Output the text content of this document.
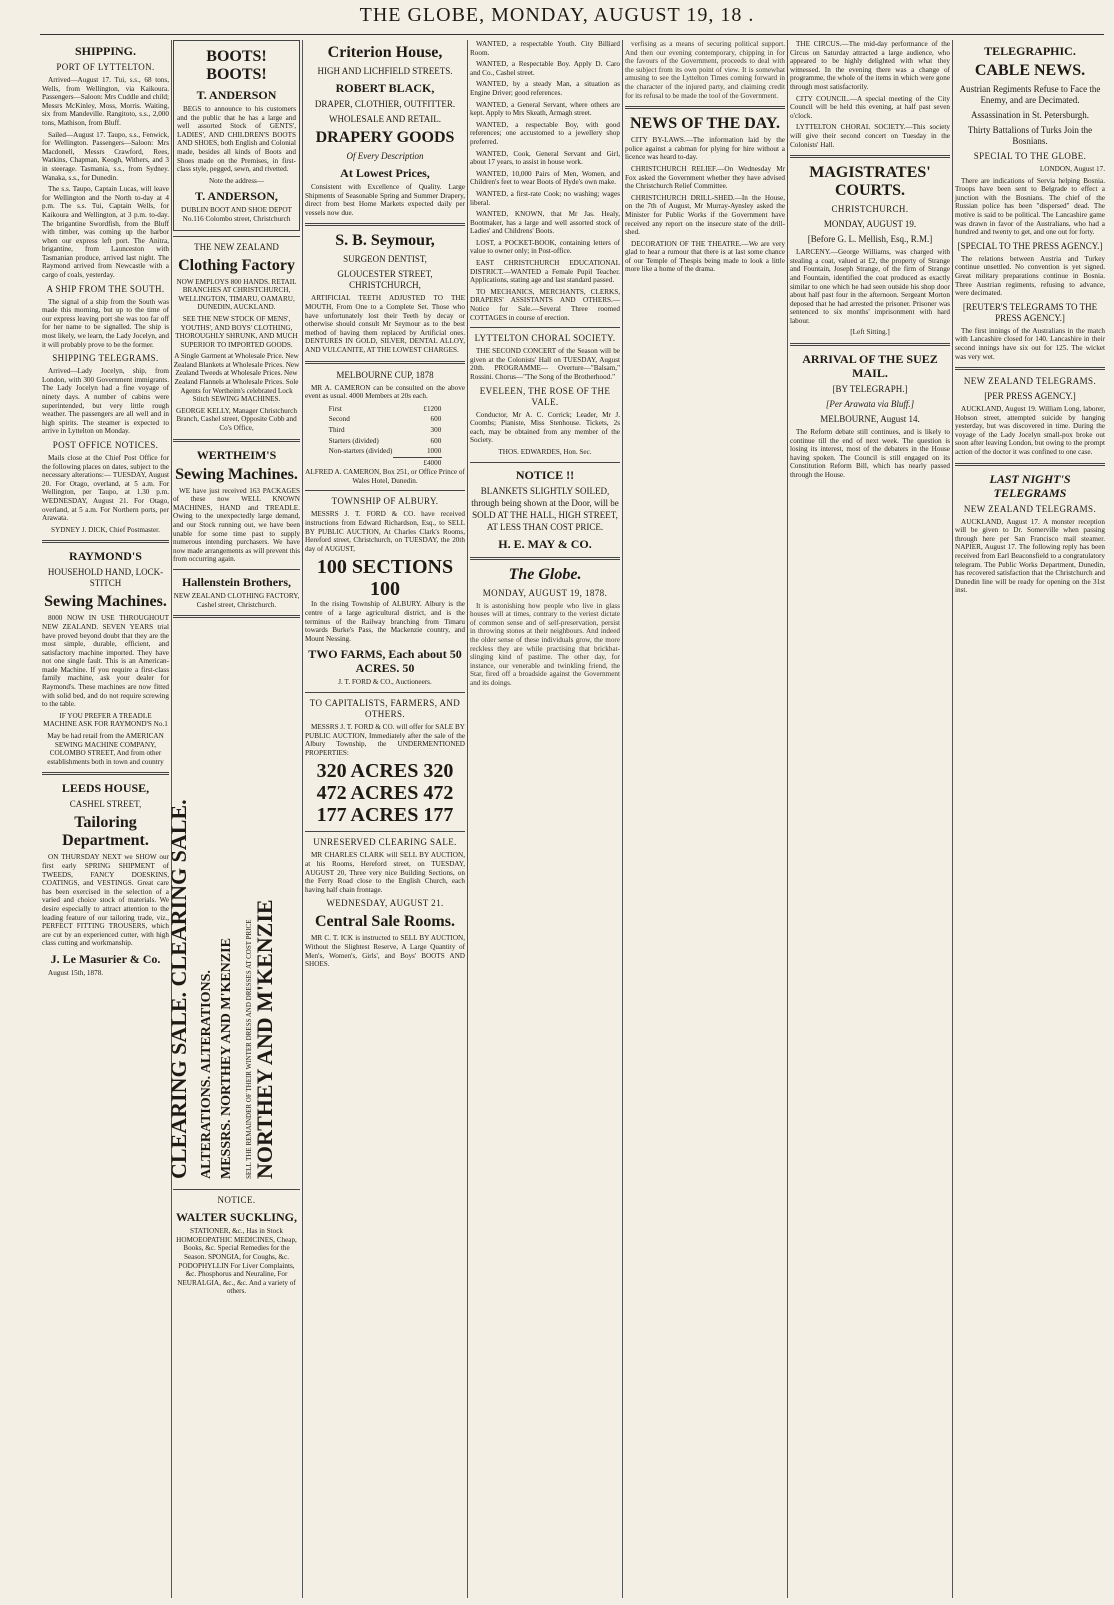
THE GLOBE, MONDAY, AUGUST 19, 18 .
SHIPPING.
PORT OF LYTTELTON.

Arrived—August 17. Tui, s.s., 68 tons, Wells, from Wellington, via Kaikoura. Passengers—Saloon: Mrs Cuddle and child; Messrs McKinley, Moss, Morris. Waiting, six from Mandeville. Rangitoto, s.s., 2,000 tons, Mathison, from Bluff.

Sailed—August 17. Taupo, s.s., Fenwick, for Wellington. Passengers—Saloon: Mrs Macdonell, Messrs Crawford, Rees, Watkins, Chapman, Keogh, Withers, and 3 in steerage. Tasmania, s.s., from Sydney. Wanaka, s.s., for Dunedin.

The s.s. Taupo, Captain Lucas, will leave for Wellington and the North to-day at 4 p.m. The s.s. Tui, Captain Wells, for Kaikoura and Wellington, at 3 p.m. to-day. The brigantine Swordfish, from the Bluff with timber, was coming up the harbor when our express left port. The Anitra, brigantine, from Launceston with Tasmanian produce, arrived last night. The Raymond arrived from Newcastle with a cargo of coals, yesterday.

A SHIP FROM THE SOUTH.

The signal of a ship from the South was made this morning, but up to the time of our express leaving port she was too far off for her name to be signalled. The ship is most likely, we learn, the Lady Jocelyn, and it will probably prove to be the former.

SHIPPING TELEGRAMS.

Arrived—Lady Jocelyn, ship, from London, with 300 Government immigrants. The Lady Jocelyn had a fine voyage of ninety days. A number of cabins were superintended, but very little rough weather. The passengers are all well and in high spirits. The steamer is expected to arrive in Lyttelton on Monday.

POST OFFICE NOTICES.

Mails close at the Chief Post Office for the following places on dates, subject to the necessary alterations:— TUESDAY, August 20. For Otago, overland, at 5 a.m. For Wellington, per Taupo, at 1.30 p.m. WEDNESDAY, August 21. For Otago, overland, at 5 a.m. For Northern ports, per Arawata.

SYDNEY J. DICK, Chief Postmaster.

RAYMOND'S
HOUSEHOLD HAND, LOCK-STITCH
Sewing Machines.

8000 NOW IN USE THROUGHOUT NEW ZEALAND. SEVEN YEARS trial have proved beyond doubt that they are the most simple, durable, efficient, and satisfactory machine imported. They have not one single fault. This is an American-made Machine. If you require a first-class family machine, ask your dealer for Raymond's. These machines are now fitted with solid bed, and do not require screwing to the table.

IF YOU PREFER A TREADLE MACHINE ASK FOR RAYMOND'S No.1

May be had retail from the AMERICAN SEWING MACHINE COMPANY, COLOMBO STREET, And from other establishments both in town and country

LEEDS HOUSE,
CASHEL STREET,
Tailoring Department.

ON THURSDAY NEXT we SHOW our first early SPRING SHIPMENT of TWEEDS, FANCY DOESKINS, COATINGS, and VESTINGS. Great care has been exercised in the selection of a varied and choice stock of materials. We desire especially to attract attention to the leading feature of our tailoring trade, viz., PERFECT FITTING TROUSERS, which are cut by an experienced cutter, with high class cutting and workmanship.

J. Le Masurier & Co.

August 15th, 1878.

BOOTS! BOOTS!
T. ANDERSON

BEGS to announce to his customers and the public that he has a large and well assorted Stock of GENTS', LADIES', AND CHILDREN'S BOOTS AND SHOES, both English and Colonial made, besides all kinds of Boots and Shoes made on the Premises, in first-class style, pegged, sewn, and rivetted.

Note the address—

T. ANDERSON,

DUBLIN BOOT AND SHOE DEPOT No.116 Colombo street, Christchurch

THE NEW ZEALAND
Clothing Factory

NOW EMPLOYS 800 HANDS. RETAIL BRANCHES AT CHRISTCHURCH, WELLINGTON, TIMARU, OAMARU, DUNEDIN, AUCKLAND.

SEE THE NEW STOCK OF MENS', YOUTHS', AND BOYS' CLOTHING, THOROUGHLY SHRUNK, AND MUCH SUPERIOR TO IMPORTED GOODS.

A Single Garment at Wholesale Price. New Zealand Blankets at Wholesale Prices. New Zealand Tweeds at Wholesale Prices. New Zealand Flannels at Wholesale Prices. Sole Agents for Wertheim's celebrated Lock Stitch SEWING MACHINES.

GEORGE KELLY, Manager Christchurch Branch, Cashel street, Opposite Cobb and Co's Office,

WERTHEIM'S
Sewing Machines.

WE have just received 163 PACKAGES of these now WELL KNOWN MACHINES, HAND and TREADLE. Owing to the unexpectedly large demand, and our Stock running out, we have been unable for some time past to supply numerous intending purchasers. We have now made arrangements as will prevent this from occurring again.

Hallenstein Brothers,

NEW ZEALAND CLOTHING FACTORY, Cashel street, Christchurch.

CLEARING SALE. CLEARING SALE. ALTERATIONS. ALTERATIONS. MESSRS. NORTHEY AND M'KENZIE SELL THE REMAINDER OF THEIR WINTER DRESS AND DRESSES AT COST PRICE NORTHEY AND M'KENZIE
NOTICE.
WALTER SUCKLING,

STATIONER, &c., Has in Stock HOMOEOPATHIC MEDICINES, Cheap, Books, &c. Special Remedies for the Season. SPONGIA, for Coughs, &c. PODOPHYLLIN For Liver Complaints, &c. Phosphorus and Neuraline, For NEURALGIA, &c., &c. And a variety of others.

Criterion House,
HIGH AND LICHFIELD STREETS.
ROBERT BLACK,
DRAPER, CLOTHIER, OUTFITTER.
WHOLESALE AND RETAIL.
DRAPERY GOODS
Of Every Description
At Lowest Prices,

Consistent with Excellence of Quality. Large Shipments of Seasonable Spring and Summer Drapery, direct from best Home Markets expected daily per vessels now due.

S. B. Seymour,
SURGEON DENTIST,
GLOUCESTER STREET, CHRISTCHURCH,

ARTIFICIAL TEETH ADJUSTED TO THE MOUTH, From One to a Complete Set. Those who have unfortunately lost their Teeth by decay or otherwise should consult Mr Seymour as to the best method of having them replaced by Artificial ones. DENTURES IN GOLD, SILVER, DENTAL ALLOY, AND VULCANITE, AT THE LOWEST CHARGES.

MELBOURNE CUP, 1878

MR A. CAMERON can be consulted on the above event as usual. 4000 Members at 20s each.

First	£1200
Second	600
Third	300
Starters (divided)	600
Non-starters (divided)	1000
	£4000

ALFRED A. CAMERON, Box 251, or Office Prince of Wales Hotel, Dunedin.

TOWNSHIP OF ALBURY.

MESSRS J. T. FORD & CO. have received instructions from Edward Richardson, Esq., to SELL BY PUBLIC AUCTION, At Charles Clark's Rooms, Hereford street, Christchurch, on TUESDAY, the 20th day of AUGUST,

100 SECTIONS 100

In the rising Township of ALBURY. Albury is the centre of a large agricultural district, and is the terminus of the Railway branching from Timaru towards Burke's Pass, the Mackenzie country, and Mount Nessing.

TWO FARMS, Each about 50 ACRES. 50

J. T. FORD & CO., Auctioneers.

TO CAPITALISTS, FARMERS, AND OTHERS.

MESSRS J. T. FORD & CO. will offer for SALE BY PUBLIC AUCTION, Immediately after the sale of the Albury Township, the UNDERMENTIONED PROPERTIES:

320 ACRES 320
472 ACRES 472
177 ACRES 177
UNRESERVED CLEARING SALE.

MR CHARLES CLARK will SELL BY AUCTION, at his Rooms, Hereford street, on TUESDAY, AUGUST 20, Three very nice Building Sections, on the Ferry Road close to the English Church, each having half chain frontage.

WEDNESDAY, AUGUST 21.
Central Sale Rooms.

MR C. T. ICK is instructed to SELL BY AUCTION, Without the Slightest Reserve, A Large Quantity of Men's, Women's, Girls', and Boys' BOOTS AND SHOES.

WANTED, a respectable Youth. City Billiard Room.

WANTED, a Respectable Boy. Apply D. Caro and Co., Cashel street.

WANTED, by a steady Man, a situation as Engine Driver; good references.

WANTED, a General Servant, where others are kept. Apply to Mrs Skeath, Armagh street.

WANTED, a respectable Boy, with good references; one accustomed to a jewellery shop preferred.

WANTED, Cook, General Servant and Girl, about 17 years, to assist in house work.

WANTED, 10,000 Pairs of Men, Women, and Children's feet to wear Boots of Hyde's own make.

WANTED, a first-rate Cook; no washing; wages liberal.

WANTED, KNOWN, that Mr Jas. Healy, Bootmaker, has a large and well assorted stock of Ladies' and Childrens' Boots.

LOST, a POCKET-BOOK, containing letters of value to owner only; in Post-office.

EAST CHRISTCHURCH EDUCATIONAL DISTRICT.—WANTED a Female Pupil Teacher. Applications, stating age and last standard passed.

TO MECHANICS, MERCHANTS, CLERKS, DRAPERS' ASSISTANTS AND OTHERS.—Notice for Sale.—Several Three roomed COTTAGES in course of erection.

LYTTELTON CHORAL SOCIETY.

THE SECOND CONCERT of the Season will be given at the Colonists' Hall on TUESDAY, August 20th. PROGRAMME— Overture—"Balsam," Rossini. Chorus—"The Song of the Brotherhood."

EVELEEN, THE ROSE OF THE VALE.

Conductor, Mr A. C. Corrick; Leader, Mr J. Coombs; Pianiste, Miss Stenhouse. Tickets, 2s each, may be obtained from any member of the Society.

THOS. EDWARDES, Hon. Sec.

NOTICE !!

BLANKETS SLIGHTLY SOILED, through being shown at the Door, will be SOLD AT THE HALL, HIGH STREET, AT LESS THAN COST PRICE.

H. E. MAY & CO.
The Globe.
MONDAY, AUGUST 19, 1878.

It is astonishing how people who live in glass houses will at times, contrary to the veriest dictate of common sense and of self-preservation, persist in throwing stones at their neighbours. And indeed the older sense of these individuals grow, the more reckless they are while practising that brickbat-slinging kind of pastime. The other day, for instance, our venerable and twinkling friend, the Star, fired off a broadside against the Government and its doings.

verfising as a means of securing political support. And then our evening contemporary, chipping in for the favours of the Government, proceeds to deal with the subject from its own point of view. It is somewhat amusing to see the Lyttelton Times coming forward in the character of the injured party, and claiming credit for its refusal to be made the tool of the Government.

NEWS OF THE DAY.

CITY BY-LAWS.—The information laid by the police against a cabman for plying for hire without a licence was heard to-day.

CHRISTCHURCH RELIEF.—On Wednesday Mr Fox asked the Government whether they have advised the Christchurch Relief Committee.

CHRISTCHURCH DRILL-SHED.—In the House, on the 7th of August, Mr Murray-Aynsley asked the Minister for Public Works if the Government have received any report on the insecure state of the drill-shed.

DECORATION OF THE THEATRE.—We are very glad to hear a rumour that there is at last some chance of our Temple of Thespis being made to look a little more like a home of the drama.

THE CIRCUS.—The mid-day performance of the Circus on Saturday attracted a large audience, who appeared to be highly delighted with what they witnessed. In the evening there was a change of programme, the whole of the items in which were gone through most satisfactorily.

CITY COUNCIL.—A special meeting of the City Council will be held this evening, at half past seven o'clock.

LYTTELTON CHORAL SOCIETY.—This society will give their second concert on Tuesday in the Colonists' Hall.

MAGISTRATES' COURTS.
CHRISTCHURCH.
MONDAY, AUGUST 19.
[Before G. L. Mellish, Esq., R.M.]

LARCENY.—George Williams, was charged with stealing a coat, valued at £2, the property of Strange and Fountain, Joseph Strange, of the firm of Strange and Fountain, identified the coat produced as exactly similar to one which he had seen outside his shop door about half past four in the afternoon. Sergeant Morton deposed that he had arrested the prisoner. Prisoner was sentenced to six months' imprisonment with hard labour.

[Left Sitting.]

ARRIVAL OF THE SUEZ MAIL.
[BY TELEGRAPH.]
[Per Arawata via Bluff.]
MELBOURNE, August 14.

The Reform debate still continues, and is likely to continue till the end of next week. The question is losing its interest, most of the debaters in the House having spoken. The Council is still engaged on its Constitution Reform Bill, which has nearly passed through the House.

TELEGRAPHIC.
CABLE NEWS.
Austrian Regiments Refuse to Face the Enemy, and are Decimated.
Assassination in St. Petersburgh.
Thirty Battalions of Turks Join the Bosnians.
SPECIAL TO THE GLOBE.

LONDON, August 17.

There are indications of Servia helping Bosnia. Troops have been sent to Belgrade to effect a junction with the Bosnians. The chief of the Russian police has been "dispersed" dead. The motive is said to be political. The Lancashire game was drawn in favor of the Australians, who had a hundred and twenty to get, and one out for forty.

[SPECIAL TO THE PRESS AGENCY.]

The relations between Austria and Turkey continue unsettled. No convention is yet signed. Great military preparations continue in Bosnia. Three Austrian regiments, refusing to advance, were decimated.

[REUTER'S TELEGRAMS TO THE PRESS AGENCY.]

The first innings of the Australians in the match with Lancashire closed for 140. Lancashire in their second innings have six out for 125. The wicket was very wet.

NEW ZEALAND TELEGRAMS.
[PER PRESS AGENCY.]

AUCKLAND, August 19. William Long, laborer, Hobson street, attempted suicide by hanging yesterday, but was discovered in time. During the voyage of the Lady Jocelyn small-pox broke out soon after leaving London, but owing to the prompt action of the doctor it was confined to one case.

LAST NIGHT'S TELEGRAMS
NEW ZEALAND TELEGRAMS.

AUCKLAND, August 17. A monster reception will be given to Dr. Somerville when passing through here per San Francisco mail steamer. NAPIER, August 17. The following reply has been received from Earl Beaconsfield to a congratulatory telegram. The Public Works Department, Dunedin, has recovered satisfaction that the Christchurch and Dunedin line will be ready for opening on the 31st inst.
